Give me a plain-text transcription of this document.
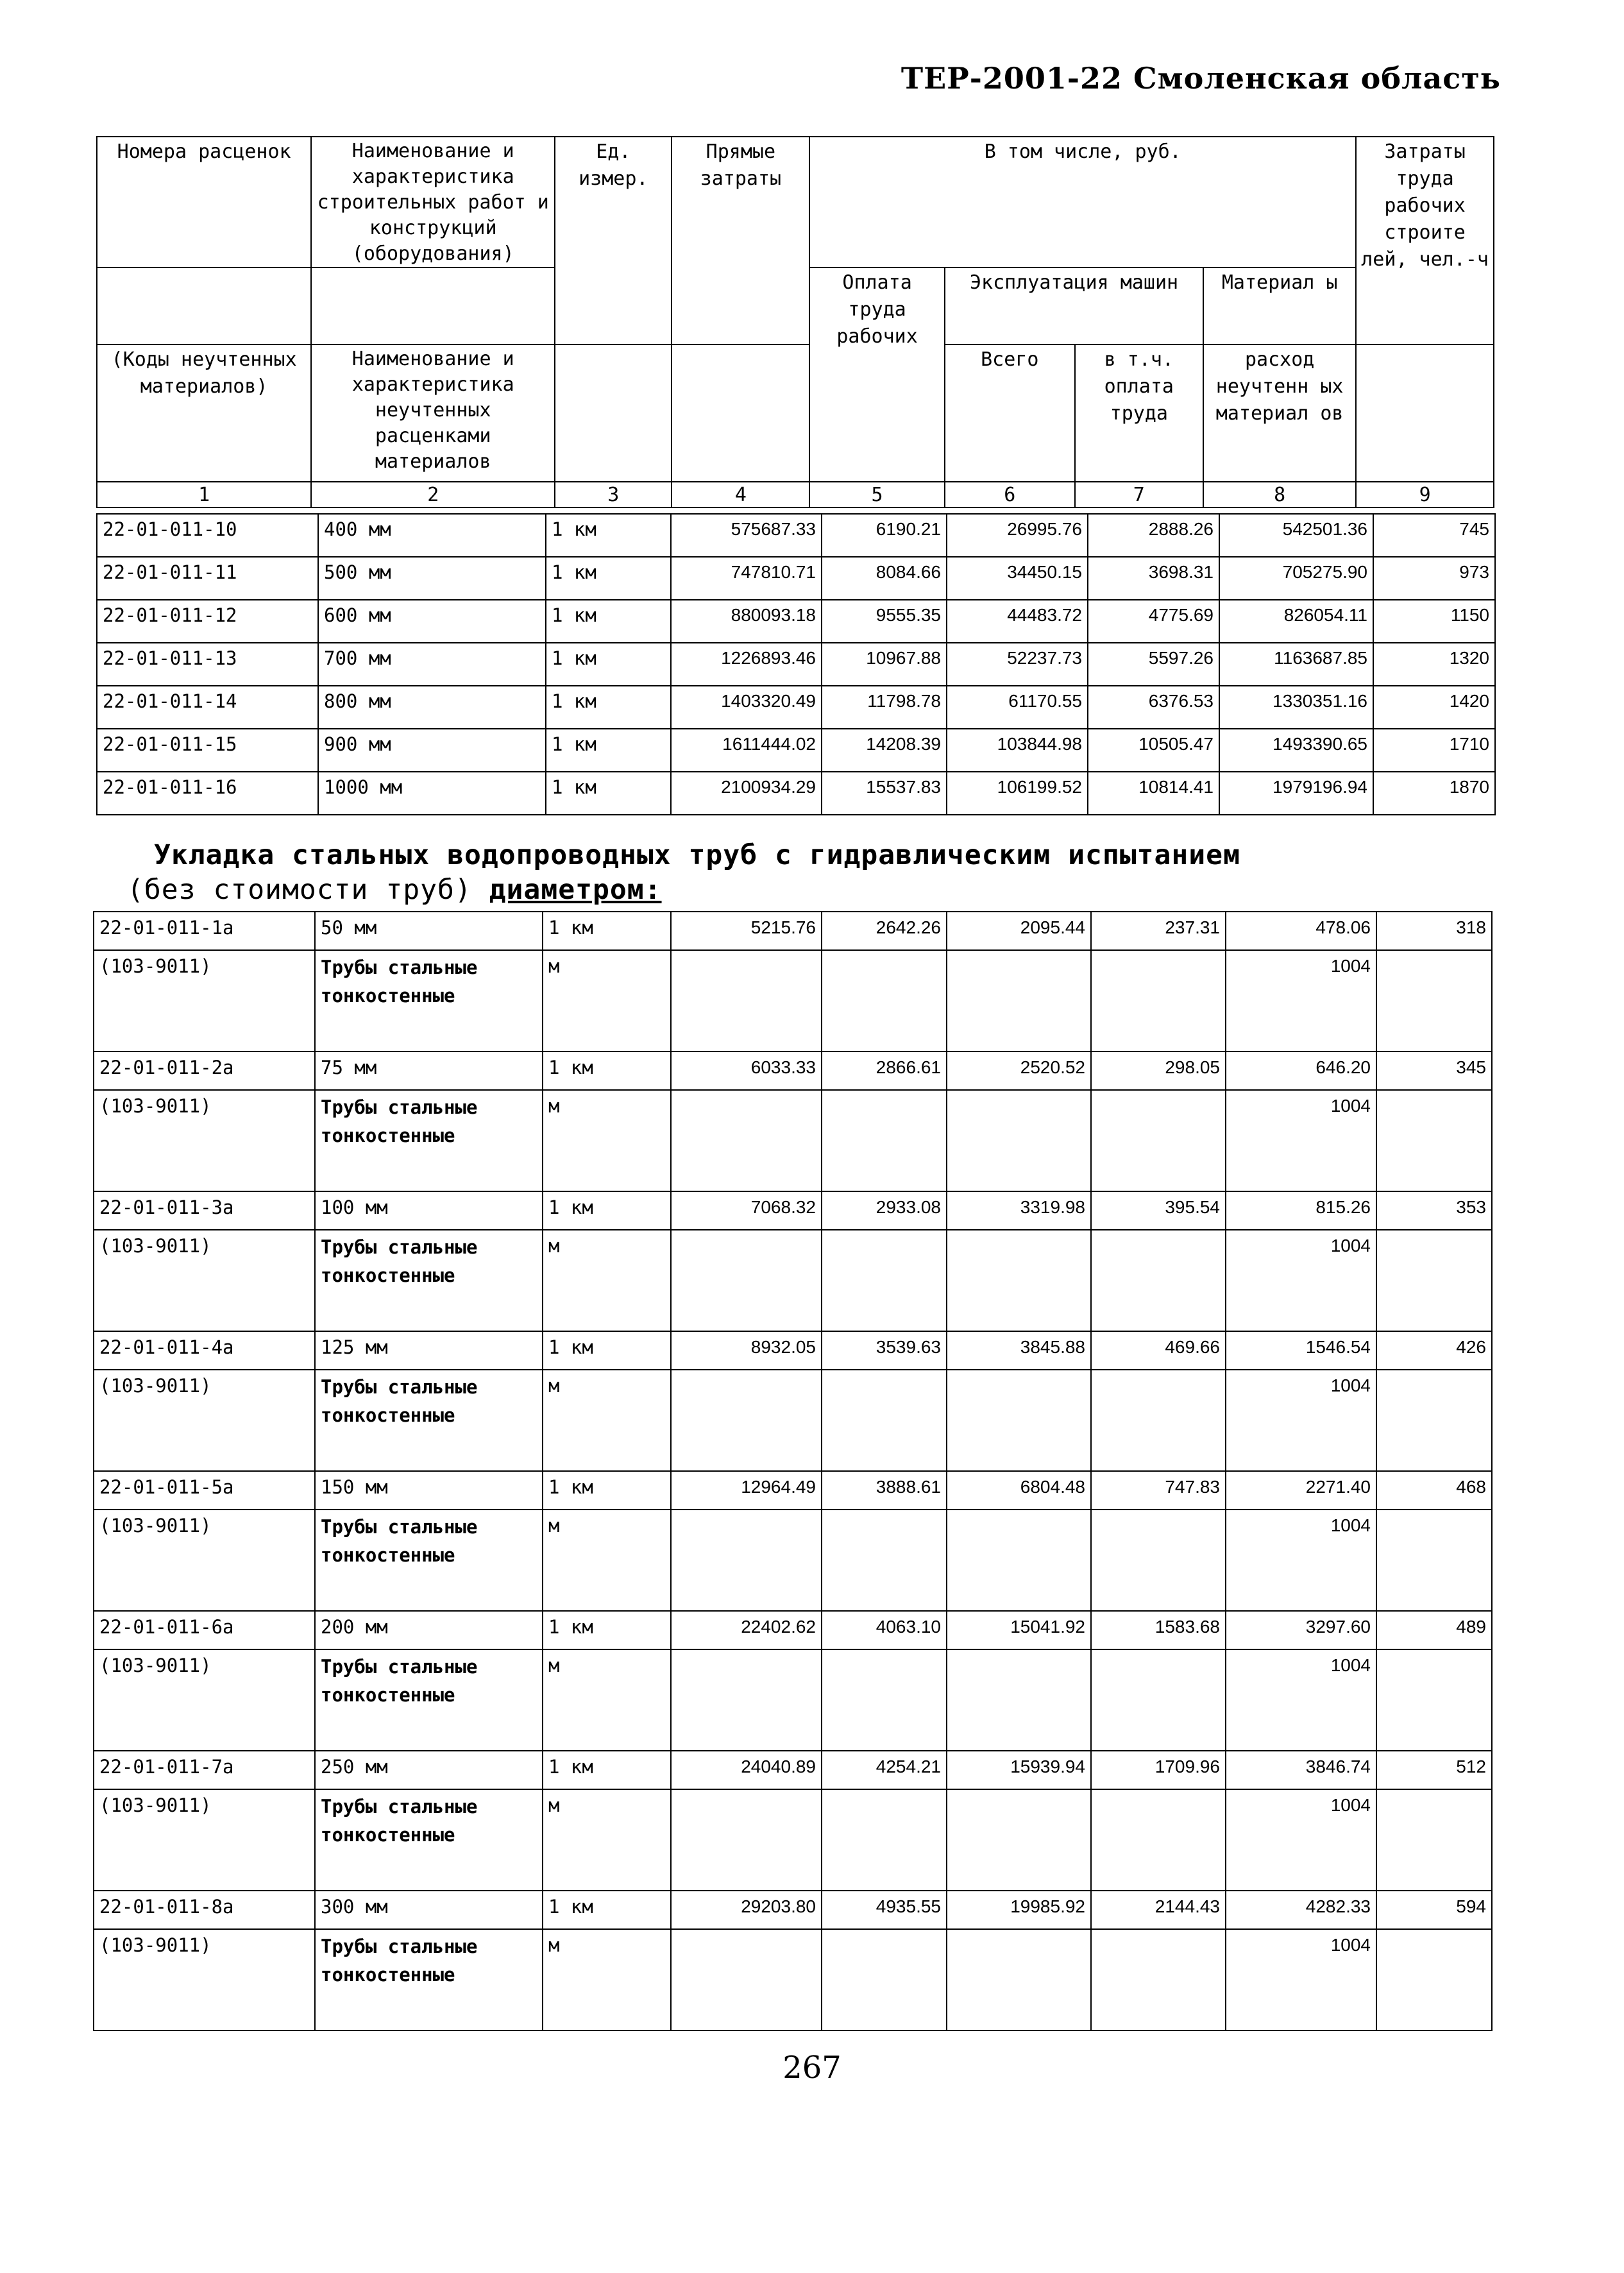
ТЕР-2001-22 Смоленская область
Номера расценок	Наименование и характеристика строительных работ и конструкций (оборудования)	Ед. измер.	Прямые затраты	В том числе, руб.				Затраты труда рабочих строите лей, чел.-ч
				Оплата труда рабочих	Эксплуатация машин		Материал ы	
(Коды неучтенных материалов)	Наименование и характеристика неучтенных расценками материалов				Всего	в т.ч. оплата труда	расход неучтенн ых материал ов	
1	2	3	4	5	6	7	8	9
22-01-011-10	400 мм	1 км	575687.33	6190.21	26995.76	2888.26	542501.36	745
22-01-011-11	500 мм	1 км	747810.71	8084.66	34450.15	3698.31	705275.90	973
22-01-011-12	600 мм	1 км	880093.18	9555.35	44483.72	4775.69	826054.11	1150
22-01-011-13	700 мм	1 км	1226893.46	10967.88	52237.73	5597.26	1163687.85	1320
22-01-011-14	800 мм	1 км	1403320.49	11798.78	61170.55	6376.53	1330351.16	1420
22-01-011-15	900 мм	1 км	1611444.02	14208.39	103844.98	10505.47	1493390.65	1710
22-01-011-16	1000 мм	1 км	2100934.29	15537.83	106199.52	10814.41	1979196.94	1870
Укладка стальных водопроводных труб с гидравлическим испытанием
(без стоимости труб) диаметром:
22-01-011-1а	50 мм	1 км	5215.76	2642.26	2095.44	237.31	478.06	318
(103-9011)	Трубы стальные тонкостенные	м					1004	
22-01-011-2а	75 мм	1 км	6033.33	2866.61	2520.52	298.05	646.20	345
(103-9011)	Трубы стальные тонкостенные	м					1004	
22-01-011-3а	100 мм	1 км	7068.32	2933.08	3319.98	395.54	815.26	353
(103-9011)	Трубы стальные тонкостенные	м					1004	
22-01-011-4а	125 мм	1 км	8932.05	3539.63	3845.88	469.66	1546.54	426
(103-9011)	Трубы стальные тонкостенные	м					1004	
22-01-011-5а	150 мм	1 км	12964.49	3888.61	6804.48	747.83	2271.40	468
(103-9011)	Трубы стальные тонкостенные	м					1004	
22-01-011-6а	200 мм	1 км	22402.62	4063.10	15041.92	1583.68	3297.60	489
(103-9011)	Трубы стальные тонкостенные	м					1004	
22-01-011-7а	250 мм	1 км	24040.89	4254.21	15939.94	1709.96	3846.74	512
(103-9011)	Трубы стальные тонкостенные	м					1004	
22-01-011-8а	300 мм	1 км	29203.80	4935.55	19985.92	2144.43	4282.33	594
(103-9011)	Трубы стальные тонкостенные	м					1004	
267
